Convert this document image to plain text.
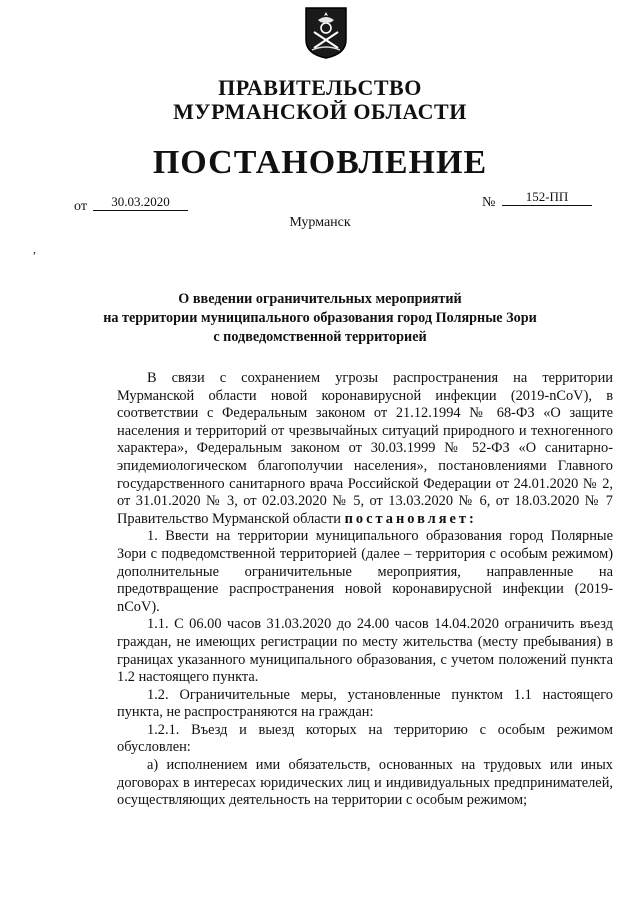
ПРАВИТЕЛЬСТВО
МУРМАНСКОЙ ОБЛАСТИ
ПОСТАНОВЛЕНИЕ
от	30.03.2020	№	152-ПП
Мурманск
,
О введении ограничительных мероприятий
на территории муниципального образования город Полярные Зори
с подведомственной территорией

В связи с сохранением угрозы распространения на территории Мурманской области новой коронавирусной инфекции (2019-nCoV), в соответствии с Федеральным законом от 21.12.1994 № 68-ФЗ «О защите населения и территорий от чрезвычайных ситуаций природного и техногенного характера», Федеральным законом от 30.03.1999 № 52-ФЗ «О санитарно-эпидемиологическом благополучии населения», постановлениями Главного государственного санитарного врача Российской Федерации от 24.01.2020 № 2, от 31.01.2020 № 3, от 02.03.2020 № 5, от 13.03.2020 № 6, от 18.03.2020 № 7 Правительство Мурманской области постановляет:

1. Ввести на территории муниципального образования город Полярные Зори с подведомственной территорией (далее – территория с особым режимом) дополнительные ограничительные мероприятия, направленные на предотвращение распространения новой коронавирусной инфекции (2019-nCoV).

1.1. С 06.00 часов 31.03.2020 до 24.00 часов 14.04.2020 ограничить въезд граждан, не имеющих регистрации по месту жительства (месту пребывания) в границах указанного муниципального образования, с учетом положений пункта 1.2 настоящего пункта.

1.2. Ограничительные меры, установленные пунктом 1.1 настоящего пункта, не распространяются на граждан:

1.2.1. Въезд и выезд которых на территорию с особым режимом обусловлен:

а) исполнением ими обязательств, основанных на трудовых или иных договорах в интересах юридических лиц и индивидуальных предпринимателей, осуществляющих деятельность на территории с особым режимом;
